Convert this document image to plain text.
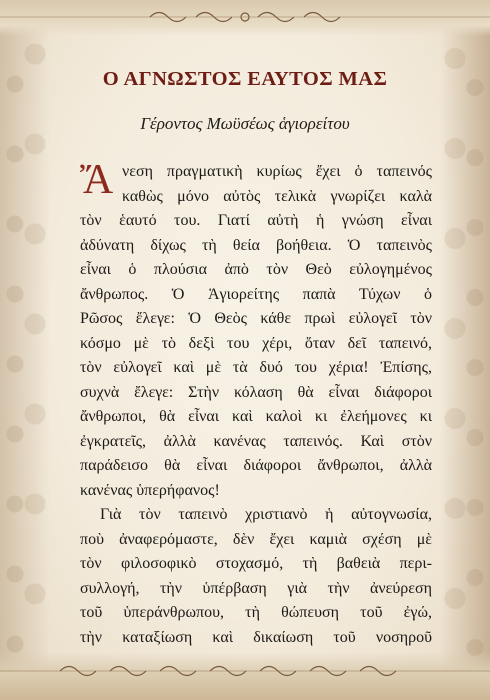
Ο ΑΓΝΩΣΤΟΣ ΕΑΥΤΟΣ ΜΑΣ

Γέροντος Μωϋσέως ἁγιορείτου

Ἄ νεση πραγματικὴ κυρίως ἔχει ὁ ταπεινός
καθὼς μόνο αὐτὸς τελικὰ γνωρίζει καλὰ
τὸν ἑαυτό του. Γιατί αὐτὴ ἡ γνώση εἶναι
ἀδύνατη δίχως τὴ θεία βοήθεια. Ὁ ταπεινὸς
εἶναι ὁ πλούσια ἀπὸ τὸν Θεὸ εὐλογημένος
ἄνθρωπος. Ὁ Ἁγιορείτης παπὰ Τύχων ὁ
Ρῶσος ἔλεγε: Ὁ Θεὸς κάθε πρωὶ εὐλογεῖ τὸν
κόσμο μὲ τὸ δεξὶ του χέρι, ὅταν δεῖ ταπεινό,
τὸν εὐλογεῖ καὶ μὲ τὰ δυό του χέρια! Ἐπίσης,
συχνὰ ἔλεγε: Στὴν κόλαση θὰ εἶναι διάφοροι
ἄνθρωποι, θὰ εἶναι καὶ καλοὶ κι ἐλεήμονες κι
ἐγκρατεῖς, ἀλλὰ κανένας ταπεινός. Καὶ στὸν
παράδεισο θὰ εἶναι διάφοροι ἄνθρωποι, ἀλλὰ
κανένας ὑπερήφανος!
Γιὰ τὸν ταπεινὸ χριστιανὸ ἡ αὐτογνωσία,
ποὺ ἀναφερόμαστε, δὲν ἔχει καμιὰ σχέση μὲ
τὸν φιλοσοφικὸ στοχασμό, τὴ βαθειὰ περι-
συλλογή, τὴν ὑπέρβαση γιὰ τὴν ἀνεύρεση
τοῦ ὑπεράνθρωπου, τὴ θώπευση τοῦ ἐγώ,
τὴν καταξίωση καὶ δικαίωση τοῦ νοσηροῦ
